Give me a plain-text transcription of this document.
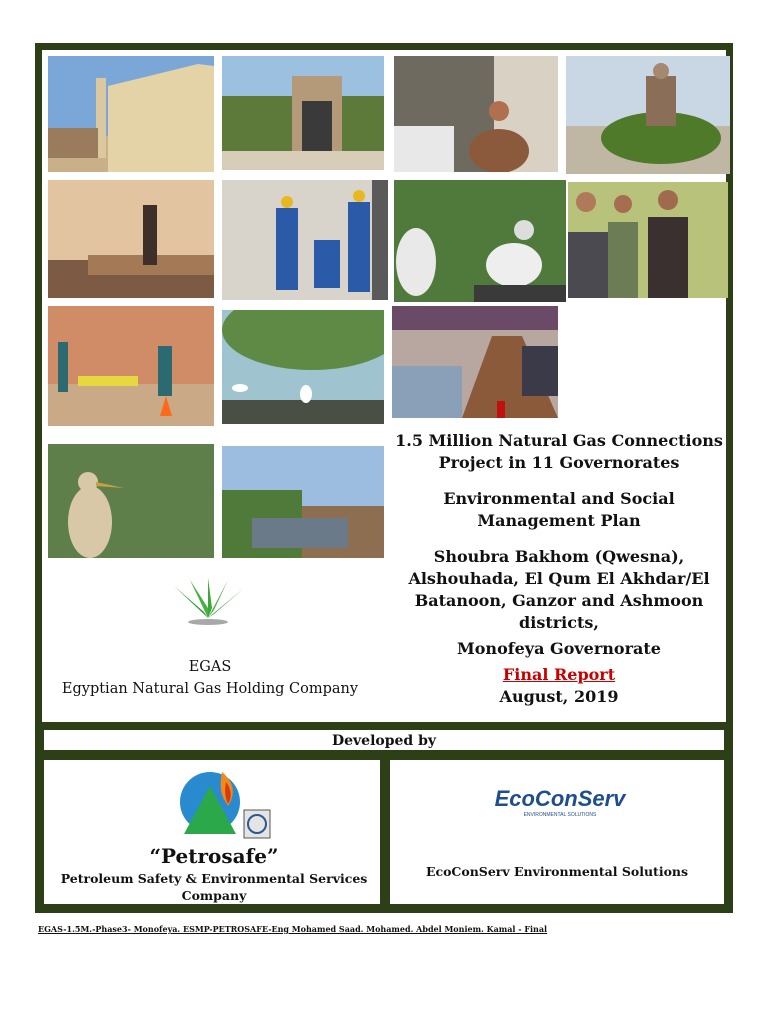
EGAS
Egyptian Natural Gas Holding Company

1.5 Million Natural Gas Connections Project in 11 Governorates

Environmental and Social Management Plan

Shoubra Bakhom (Qwesna), Alshouhada, El Qum El Akhdar/El Batanoon, Ganzor and Ashmoon districts,

Monofeya Governorate

Final Report

August, 2019

Developed by
“Petrosafe”
Petroleum Safety & Environmental Services Company
EcoConServ
ENVIRONMENTAL SOLUTIONS
EcoConServ Environmental Solutions
EGAS-1.5M.-Phase3- Monofeya. ESMP-PETROSAFE-Eng Mohamed Saad. Mohamed. Abdel Moniem. Kamal - Final
